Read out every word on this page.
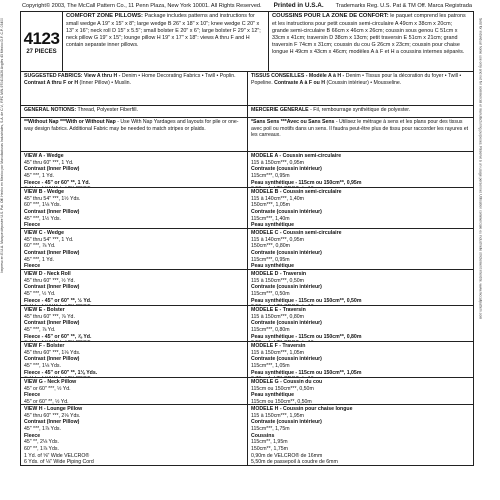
Impreso en E.U.A. Marque déposée U.S. Pat. Off. Hecho en Mexico por Manufacturas Industriales, S.A. de C.V., RFC MIN-970413U26 Anglès 43 México D.F. C.P. 03400	Sold for individual home use only and not for commercial or manufacturing purposes. Réservé à un usage personnel. Utilisation commerciale ou industrielle strictement interdite. www.mccallpattern.com
Copyright© 2003, The McCall Pattern Co., 11 Penn Plaza, New York 10001. All Rights Reserved. Printed in U.S.A. Trademarks Reg. U.S. Pat & TM Off. Marca Registrada
4123
27 PIECES
COMFORT ZONE PILLOWS: Package includes patterns and instructions for small wedge A 19" x 15" x 8"; large wedge B 26" x 18" x 10"; knee wedge C 20" x 13" x 16"; neck roll D 15" x 5.5"; small bolster E 20" x 6"; large bolster F 29" x 12"; neck pillow G 19" x 15"; lounge pillow H 19" x 17" x 18": views A thru F and H contain separate inner pillows.
COUSSINS POUR LA ZONE DE CONFORT: le paquet comprend les patrons et les instructions pour petit coussin semi-circulaire A 49cm x 38cm x 20cm; grande semi-circulaire B 66cm x 46cm x 26cm; coussin sous genou C 51cm x 33cm x 41cm; traversin D 38cm x 13cm; petit traversin E 51cm x 21cm; grand traversin F 74cm x 31cm; coussin du cou G 26cm x 23cm; coussin pour chaise longue H 49cm x 43cm x 46cm; modèles A à F et H a coussins internes séparés.
SUGGESTED FABRICS: View A thru H - Denim • Home Decorating Fabrics • Twill • Poplin. Contrast A thru F or H (Inner Pillow) • Muslin.
TISSUS CONSEILLES - Modèle A à H - Denim • Tissus pour la décoration du foyer • Twill • Popeline. Contraste A à F ou H (Coussin intérieur) • Mousseline.
GENERAL NOTIONS: Thread, Polyester Fiberfill.	MERCERIE GENERALE - Fil, rembourrage synthétique de polyester.
**Without Nap ***With or Without Nap - Use With Nap Yardages and layouts for pile or one-way design fabrics. Additional Fabric may be needed to match stripes or plaids.
*Sans Sens ***Avec ou Sans Sens - Utilisez le métrage à sens et les plans pour des tissus avec poil ou motifs dans un sens. Il faudra peut-être plus de tissu pour raccorder les rayures et les carreaux.
VIEW A - Wedge
45" thru 60" ***, 1 Yd.
Contrast (Inner Pillow)
45" ***, 1 Yd.
Fleece - 45" or 60" **, 1 Yd.
MODELE A - Coussin semi-circulaire
115 à 150cm***, 0,95m
Contraste (coussin intérieur)
115cm***, 0,95m
Peau synthétique - 115cm ou 150cm**, 0,95m
VIEW B - Wedge
45" thru 54" ***, 1½ Yds.
60" ***, 1⅛ Yds.
Contrast (Inner Pillow)
45" ***, 1½ Yds.
Fleece
MODELE B - Coussin semi-circulaire
115 à 140cm***, 1,40m
150cm***, 1,05m
Contraste (coussin intérieur)
115cm***, 1,40m
Peau synthétique
VIEW C - Wedge
45" thru 54" ***, 1 Yd.
60" ***, ⅞ Yd.
Contrast (Inner Pillow)
45" ***, 1 Yd.
Fleece
MODELE C - Coussin semi-circulaire
115 à 140cm***, 0,95m
150cm***, 0,80m
Contraste (coussin intérieur)
115cm***, 0,95m
Peau synthétique
VIEW D - Neck Roll
45" thru 60" ***, ½ Yd.
Contrast (Inner Pillow)
45" ***, ½ Yd.
Fleece - 45" or 60" **, ½ Yd.
MODELE D - Traversin
115 à 150cm***, 0,50m
Contraste (coussin intérieur)
115cm***, 0,50m
Peau synthétique - 115cm ou 150cm**, 0,50m
VIEW E - Bolster
45" thru 60" ***, ⅞ Yd.
Contrast (Inner Pillow)
45" ***, ⅞ Yd.
Fleece - 45" or 60" **, ⅞ Yd.
MODELE E - Traversin
115 à 150cm***, 0,80m
Contraste (coussin intérieur)
115cm***, 0,80m
Peau synthétique - 115cm ou 150cm**, 0,80m
VIEW F - Bolster
45" thru 60" ***, 1⅛ Yds.
Contrast (Inner Pillow)
45" ***, 1⅛ Yds.
Fleece - 45" or 60" **, 1⅛ Yds.
MODELE F - Traversin
115 à 150cm***, 1,05m
Contraste (coussin intérieur)
115cm***, 1,05m
Peau synthétique - 115cm ou 150cm**, 1,05m
VIEW G - Neck Pillow
45" or 60" ***, ½ Yd.
Fleece
45" or 60" **, ½ Yd.
MODELE G - Coussin du cou
115cm ou 150cm***, 0,50m
Peau synthétique
115cm ou 150cm**, 0,50m
VIEW H - Lounge Pillow
45" thru 60" ***, 2⅛ Yds.
Contrast (Inner Pillow)
45" ***, 1⅞ Yds.
Fleece
45" **, 2⅛ Yds.
60" **, 1⅞ Yds.
1 Yd. of ⅝" Wide VELCRO®
6 Yds. of ⅛" Wide Piping Cord
MODELE H - Coussin pour chaise longue
115 à 150cm***, 1,95m
Contraste (coussin intérieur)
115cm***, 1,75m
Coussins
115cm**, 1,95m
150cm**, 1,75m
0,90m de VELCRO® de 16mm
5,50m de passepoil à coudre de 6mm
